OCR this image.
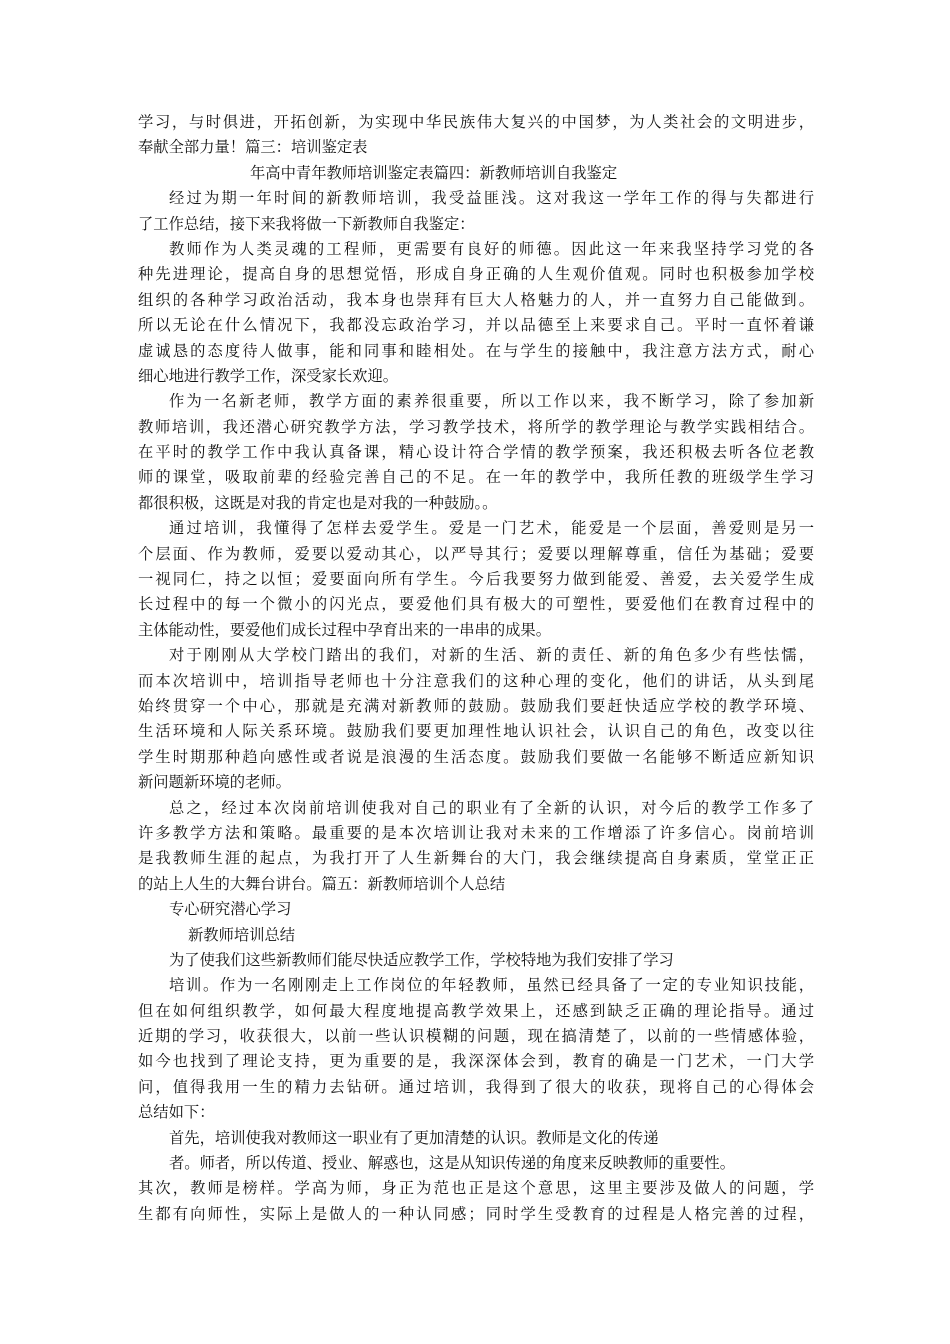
学习，与时俱进，开拓创新，为实现中华民族伟大复兴的中国梦，为人类社会的文明进步，
奉献全部力量！篇三：培训鉴定表
年高中青年教师培训鉴定表篇四：新教师培训自我鉴定
经过为期一年时间的新教师培训，我受益匪浅。这对我这一学年工作的得与失都进行
了工作总结，接下来我将做一下新教师自我鉴定：
教师作为人类灵魂的工程师，更需要有良好的师德。因此这一年来我坚持学习党的各
种先进理论，提高自身的思想觉悟，形成自身正确的人生观价值观。同时也积极参加学校
组织的各种学习政治活动，我本身也崇拜有巨大人格魅力的人，并一直努力自己能做到。
所以无论在什么情况下，我都没忘政治学习，并以品德至上来要求自己。平时一直怀着谦
虚诚恳的态度待人做事，能和同事和睦相处。在与学生的接触中，我注意方法方式，耐心
细心地进行教学工作，深受家长欢迎。
作为一名新老师，教学方面的素养很重要，所以工作以来，我不断学习，除了参加新
教师培训，我还潜心研究教学方法，学习教学技术，将所学的教学理论与教学实践相结合。
在平时的教学工作中我认真备课，精心设计符合学情的教学预案，我还积极去听各位老教
师的课堂，吸取前辈的经验完善自己的不足。在一年的教学中，我所任教的班级学生学习
都很积极，这既是对我的肯定也是对我的一种鼓励。。
通过培训，我懂得了怎样去爱学生。爱是一门艺术，能爱是一个层面，善爱则是另一
个层面、作为教师，爱要以爱动其心，以严导其行；爱要以理解尊重，信任为基础；爱要
一视同仁，持之以恒；爱要面向所有学生。今后我要努力做到能爱、善爱，去关爱学生成
长过程中的每一个微小的闪光点，要爱他们具有极大的可塑性，要爱他们在教育过程中的
主体能动性，要爱他们成长过程中孕育出来的一串串的成果。
对于刚刚从大学校门踏出的我们，对新的生活、新的责任、新的角色多少有些怯懦，
而本次培训中，培训指导老师也十分注意我们的这种心理的变化，他们的讲话，从头到尾
始终贯穿一个中心，那就是充满对新教师的鼓励。鼓励我们要赶快适应学校的教学环境、
生活环境和人际关系环境。鼓励我们要更加理性地认识社会，认识自己的角色，改变以往
学生时期那种趋向感性或者说是浪漫的生活态度。鼓励我们要做一名能够不断适应新知识
新问题新环境的老师。
总之，经过本次岗前培训使我对自己的职业有了全新的认识，对今后的教学工作多了
许多教学方法和策略。最重要的是本次培训让我对未来的工作增添了许多信心。岗前培训
是我教师生涯的起点，为我打开了人生新舞台的大门，我会继续提高自身素质，堂堂正正
的站上人生的大舞台讲台。篇五：新教师培训个人总结
专心研究潜心学习
新教师培训总结
为了使我们这些新教师们能尽快适应教学工作，学校特地为我们安排了学习
培训。作为一名刚刚走上工作岗位的年轻教师，虽然已经具备了一定的专业知识技能，
但在如何组织教学，如何最大程度地提高教学效果上，还感到缺乏正确的理论指导。通过
近期的学习，收获很大，以前一些认识模糊的问题，现在搞清楚了，以前的一些情感体验，
如今也找到了理论支持，更为重要的是，我深深体会到，教育的确是一门艺术，一门大学
问，值得我用一生的精力去钻研。通过培训，我得到了很大的收获，现将自己的心得体会
总结如下：
首先，培训使我对教师这一职业有了更加清楚的认识。教师是文化的传递
者。师者，所以传道、授业、解惑也，这是从知识传递的角度来反映教师的重要性。
其次，教师是榜样。学高为师，身正为范也正是这个意思，这里主要涉及做人的问题，学
生都有向师性，实际上是做人的一种认同感；同时学生受教育的过程是人格完善的过程，
